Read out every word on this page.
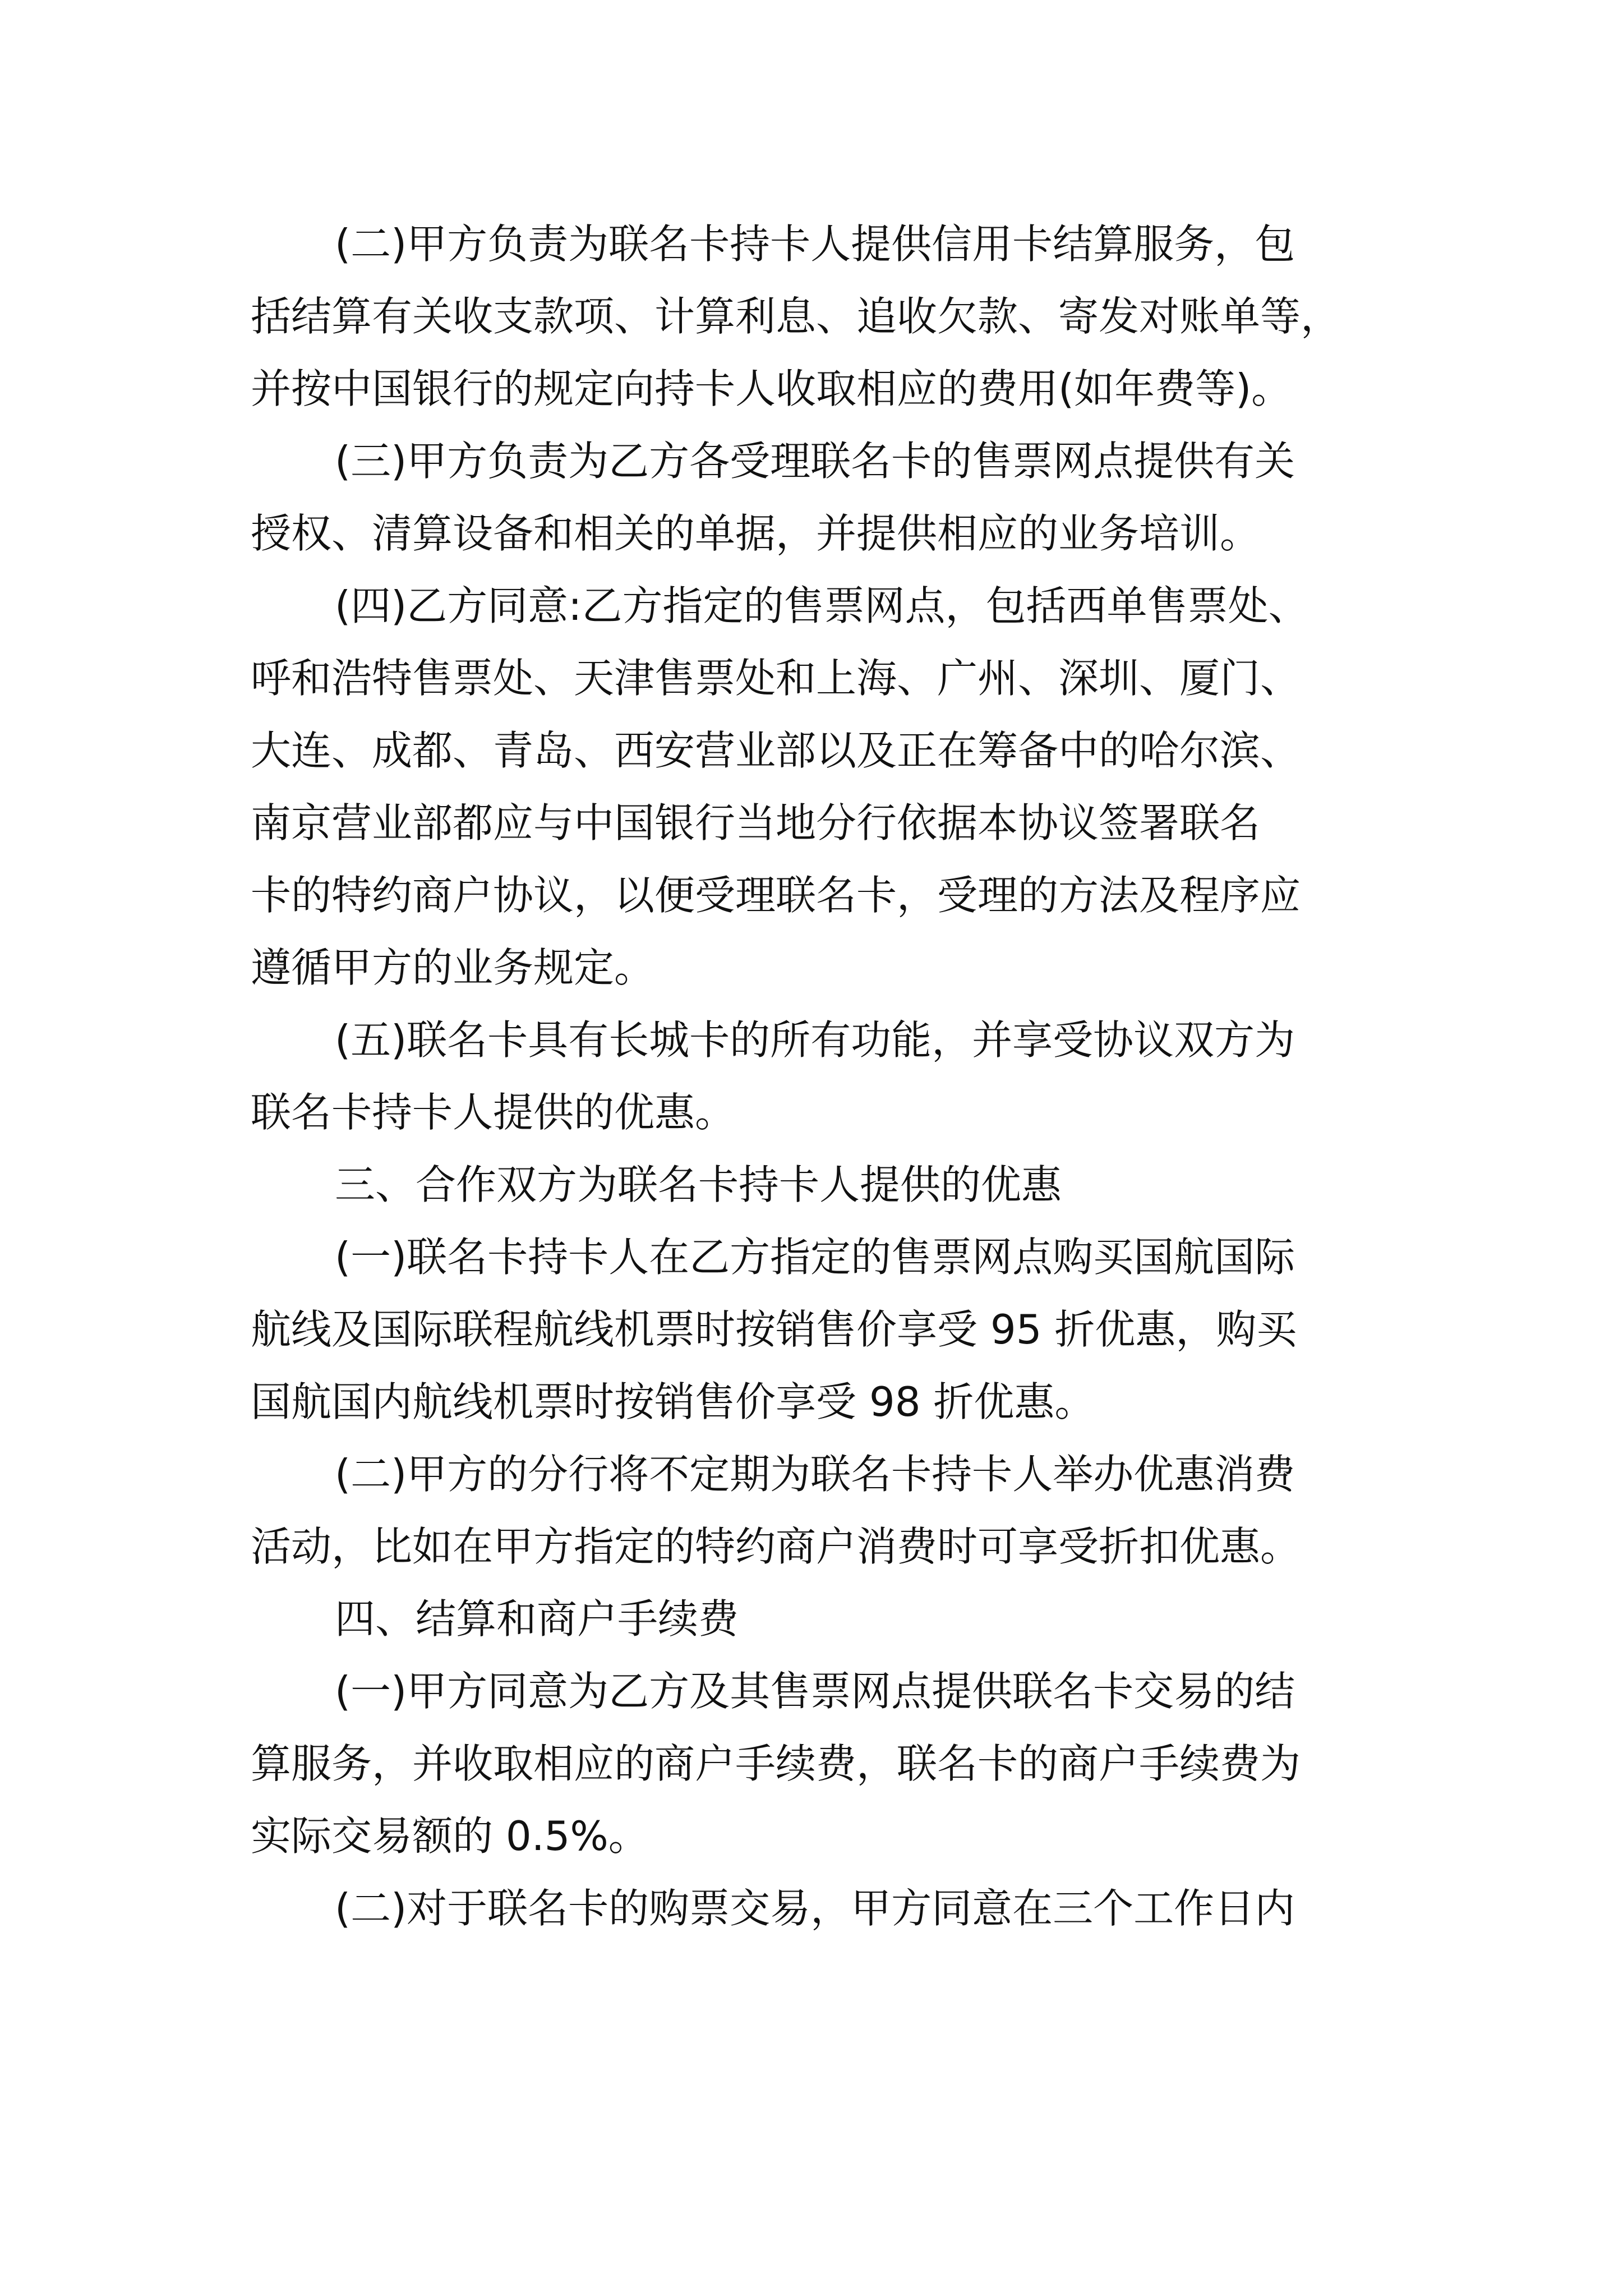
(二)甲方负责为联名卡持卡人提供信用卡结算服务，包
括结算有关收支款项、计算利息、追收欠款、寄发对账单等，
并按中国银行的规定向持卡人收取相应的费用(如年费等)。
(三)甲方负责为乙方各受理联名卡的售票网点提供有关
授权、清算设备和相关的单据，并提供相应的业务培训。
(四)乙方同意:乙方指定的售票网点，包括西单售票处、
呼和浩特售票处、天津售票处和上海、广州、深圳、厦门、
大连、成都、青岛、西安营业部以及正在筹备中的哈尔滨、
南京营业部都应与中国银行当地分行依据本协议签署联名
卡的特约商户协议，以便受理联名卡，受理的方法及程序应
遵循甲方的业务规定。
(五)联名卡具有长城卡的所有功能，并享受协议双方为
联名卡持卡人提供的优惠。
三、合作双方为联名卡持卡人提供的优惠
(一)联名卡持卡人在乙方指定的售票网点购买国航国际
航线及国际联程航线机票时按销售价享受 95 折优惠，购买
国航国内航线机票时按销售价享受 98 折优惠。
(二)甲方的分行将不定期为联名卡持卡人举办优惠消费
活动，比如在甲方指定的特约商户消费时可享受折扣优惠。
四、结算和商户手续费
(一)甲方同意为乙方及其售票网点提供联名卡交易的结
算服务，并收取相应的商户手续费，联名卡的商户手续费为
实际交易额的 0.5%。
(二)对于联名卡的购票交易，甲方同意在三个工作日内
